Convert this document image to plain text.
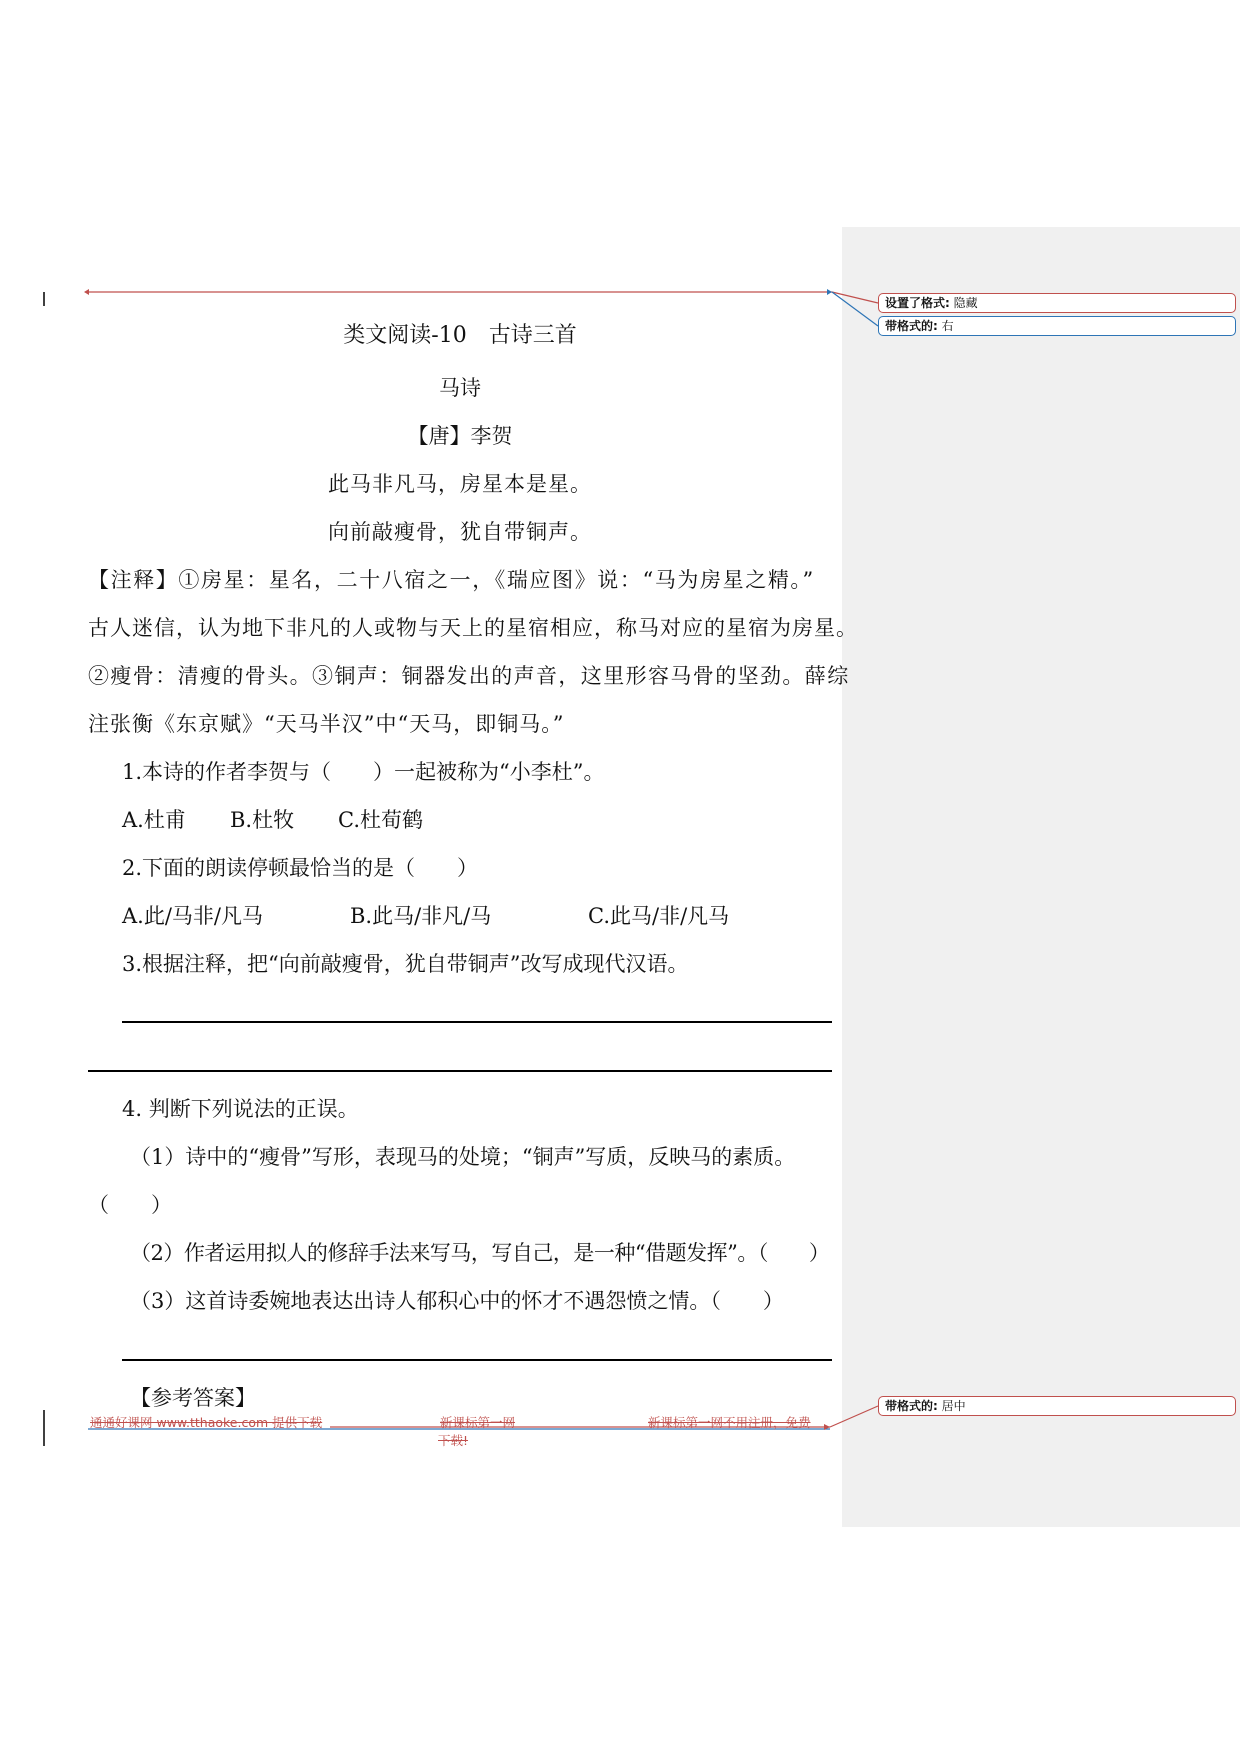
设置了格式: 隐藏
带格式的: 右
带格式的: 居中
类文阅读-10　古诗三首
马诗
【唐】李贺
此马非凡马，房星本是星。
向前敲瘦骨，犹自带铜声。
【注释】①房星：星名，二十八宿之一，《瑞应图》说：“马为房星之精。”
古人迷信，认为地下非凡的人或物与天上的星宿相应，称马对应的星宿为房星。
②瘦骨：清瘦的骨头。③铜声：铜器发出的声音，这里形容马骨的坚劲。薛综
注张衡《东京赋》“天马半汉”中“天马，即铜马。”
1.本诗的作者李贺与（　　）一起被称为“小李杜”。
A.杜甫 B.杜牧 C.杜荀鹤
2.下面的朗读停顿最恰当的是（　　）
A.此/马非/凡马	B.此马/非凡/马	C.此马/非/凡马
3.根据注释，把“向前敲瘦骨，犹自带铜声”改写成现代汉语。
4. 判断下列说法的正误。
（1）诗中的“瘦骨”写形，表现马的处境；“铜声”写质，反映马的素质。
（　　）
（2）作者运用拟人的修辞手法来写马，写自己，是一种“借题发挥”。（　　）
（3）这首诗委婉地表达出诗人郁积心中的怀才不遇怨愤之情。（　　）
【参考答案】
通通好课网 www.tthaoke.com 提供下载	新课标第一网
下载!
新课标第一网不用注册，免费
